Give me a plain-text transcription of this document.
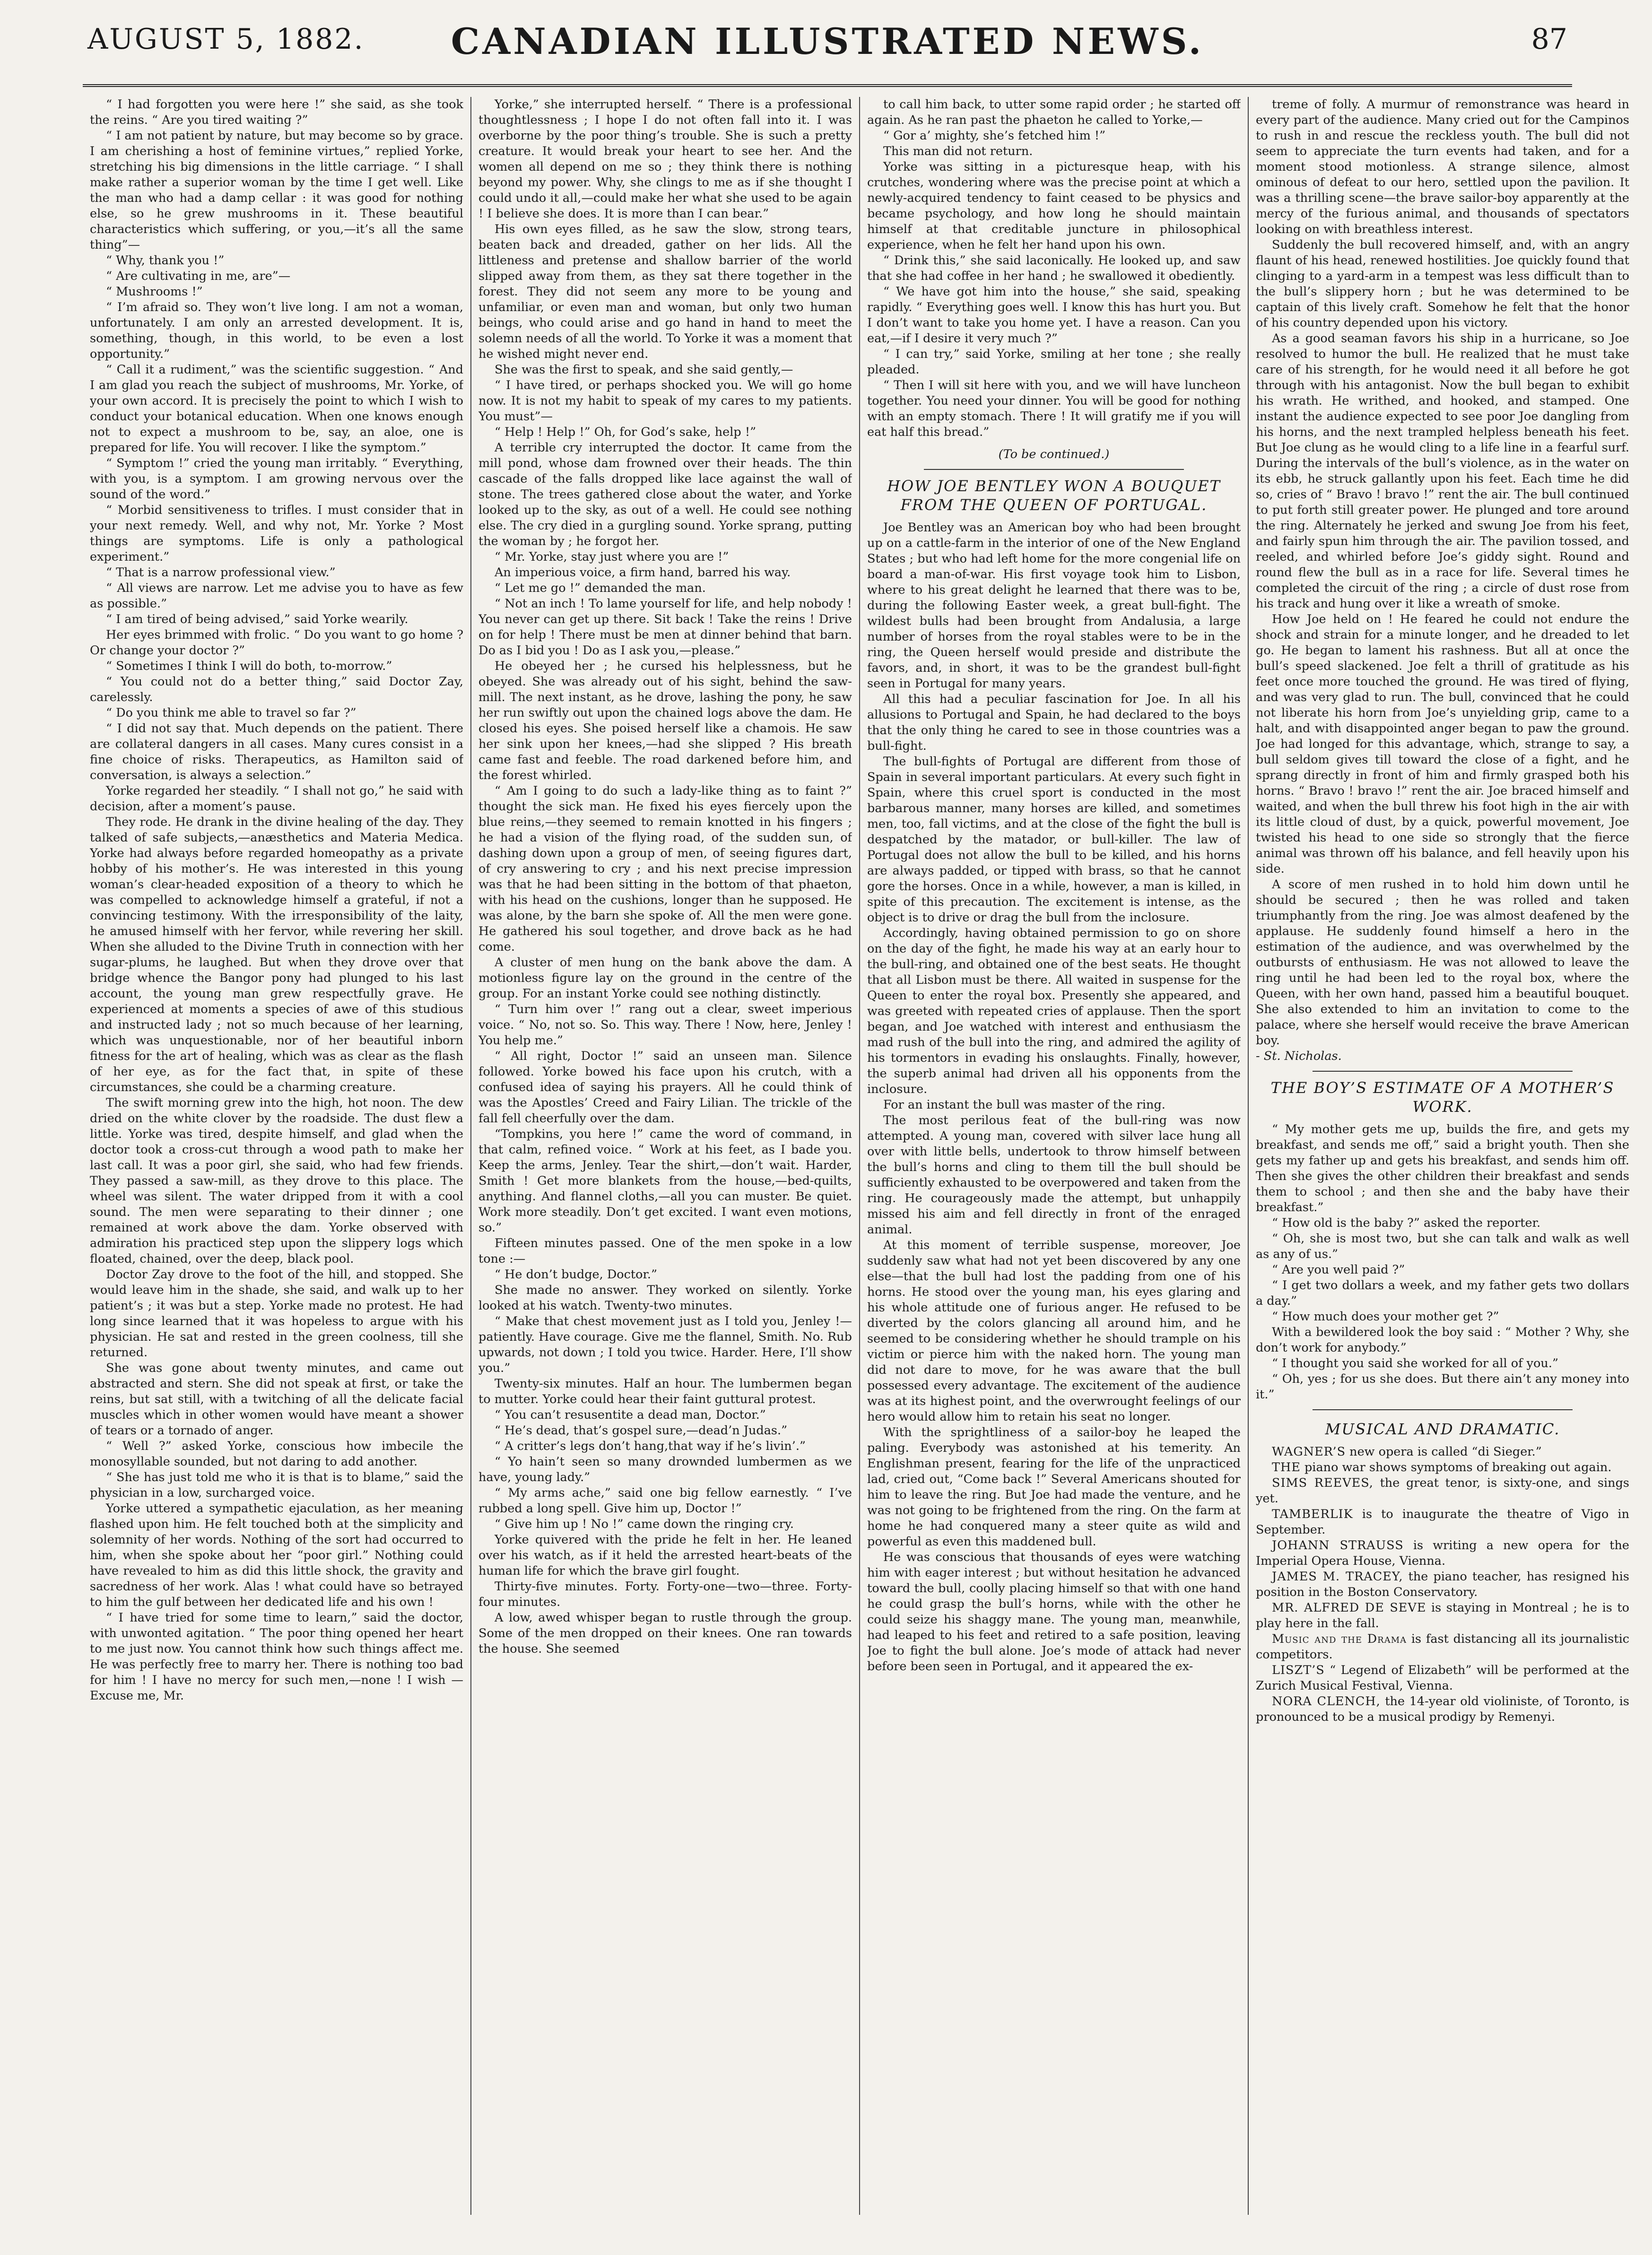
AUGUST 5, 1882.	CANADIAN ILLUSTRATED NEWS.	87

“ I had forgotten you were here !” she said, as she took the reins. “ Are you tired waiting ?”

“ I am not patient by nature, but may become so by grace. I am cherishing a host of feminine virtues,” replied Yorke, stretching his big dimensions in the little carriage. “ I shall make rather a superior woman by the time I get well. Like the man who had a damp cellar : it was good for nothing else, so he grew mushrooms in it. These beautiful characteristics which suffering, or you,—it’s all the same thing”—

“ Why, thank you !”

“ Are cultivating in me, are”—

“ Mushrooms !”

“ I’m afraid so. They won’t live long. I am not a woman, unfortunately. I am only an arrested development. It is, something, though, in this world, to be even a lost opportunity.”

“ Call it a rudiment,” was the scientific suggestion. “ And I am glad you reach the subject of mushrooms, Mr. Yorke, of your own accord. It is precisely the point to which I wish to conduct your botanical education. When one knows enough not to expect a mushroom to be, say, an aloe, one is prepared for life. You will recover. I like the symptom.”

“ Symptom !” cried the young man irritably. “ Everything, with you, is a symptom. I am growing nervous over the sound of the word.”

“ Morbid sensitiveness to trifles. I must consider that in your next remedy. Well, and why not, Mr. Yorke ? Most things are symptoms. Life is only a pathological experiment.”

“ That is a narrow professional view.”

“ All views are narrow. Let me advise you to have as few as possible.”

“ I am tired of being advised,” said Yorke wearily.

Her eyes brimmed with frolic. “ Do you want to go home ? Or change your doctor ?”

“ Sometimes I think I will do both, to-morrow.”

“ You could not do a better thing,” said Doctor Zay, carelessly.

“ Do you think me able to travel so far ?”

“ I did not say that. Much depends on the patient. There are collateral dangers in all cases. Many cures consist in a fine choice of risks. Therapeutics, as Hamilton said of conversation, is always a selection.”

Yorke regarded her steadily. “ I shall not go,” he said with decision, after a moment’s pause.

They rode. He drank in the divine healing of the day. They talked of safe subjects,—anæsthetics and Materia Medica. Yorke had always before regarded homeopathy as a private hobby of his mother’s. He was interested in this young woman’s clear-headed exposition of a theory to which he was compelled to acknowledge himself a grateful, if not a convincing testimony. With the irresponsibility of the laity, he amused himself with her fervor, while revering her skill. When she alluded to the Divine Truth in connection with her sugar-plums, he laughed. But when they drove over that bridge whence the Bangor pony had plunged to his last account, the young man grew respectfully grave. He experienced at moments a species of awe of this studious and instructed lady ; not so much because of her learning, which was unquestionable, nor of her beautiful inborn fitness for the art of healing, which was as clear as the flash of her eye, as for the fact that, in spite of these circumstances, she could be a charming creature.

The swift morning grew into the high, hot noon. The dew dried on the white clover by the roadside. The dust flew a little. Yorke was tired, despite himself, and glad when the doctor took a cross-cut through a wood path to make her last call. It was a poor girl, she said, who had few friends. They passed a saw-mill, as they drove to this place. The wheel was silent. The water dripped from it with a cool sound. The men were separating to their dinner ; one remained at work above the dam. Yorke observed with admiration his practiced step upon the slippery logs which floated, chained, over the deep, black pool.

Doctor Zay drove to the foot of the hill, and stopped. She would leave him in the shade, she said, and walk up to her patient’s ; it was but a step. Yorke made no protest. He had long since learned that it was hopeless to argue with his physician. He sat and rested in the green coolness, till she returned.

She was gone about twenty minutes, and came out abstracted and stern. She did not speak at first, or take the reins, but sat still, with a twitching of all the delicate facial muscles which in other women would have meant a shower of tears or a tornado of anger.

“ Well ?” asked Yorke, conscious how imbecile the monosyllable sounded, but not daring to add another.

“ She has just told me who it is that is to blame,” said the physician in a low, surcharged voice.

Yorke uttered a sympathetic ejaculation, as her meaning flashed upon him. He felt touched both at the simplicity and solemnity of her words. Nothing of the sort had occurred to him, when she spoke about her “poor girl.” Nothing could have revealed to him as did this little shock, the gravity and sacredness of her work. Alas ! what could have so betrayed to him the gulf between her dedicated life and his own !

“ I have tried for some time to learn,” said the doctor, with unwonted agitation. “ The poor thing opened her heart to me just now. You cannot think how such things affect me. He was perfectly free to marry her. There is nothing too bad for him ! I have no mercy for such men,—none ! I wish — Excuse me, Mr.

Yorke,” she interrupted herself. “ There is a professional thoughtlessness ; I hope I do not often fall into it. I was overborne by the poor thing’s trouble. She is such a pretty creature. It would break your heart to see her. And the women all depend on me so ; they think there is nothing beyond my power. Why, she clings to me as if she thought I could undo it all,—could make her what she used to be again ! I believe she does. It is more than I can bear.”

His own eyes filled, as he saw the slow, strong tears, beaten back and dreaded, gather on her lids. All the littleness and pretense and shallow barrier of the world slipped away from them, as they sat there together in the forest. They did not seem any more to be young and unfamiliar, or even man and woman, but only two human beings, who could arise and go hand in hand to meet the solemn needs of all the world. To Yorke it was a moment that he wished might never end.

She was the first to speak, and she said gently,—

“ I have tired, or perhaps shocked you. We will go home now. It is not my habit to speak of my cares to my patients. You must”—

“ Help ! Help !” Oh, for God’s sake, help !”

A terrible cry interrupted the doctor. It came from the mill pond, whose dam frowned over their heads. The thin cascade of the falls dropped like lace against the wall of stone. The trees gathered close about the water, and Yorke looked up to the sky, as out of a well. He could see nothing else. The cry died in a gurgling sound. Yorke sprang, putting the woman by ; he forgot her.

“ Mr. Yorke, stay just where you are !”

An imperious voice, a firm hand, barred his way.

“ Let me go !” demanded the man.

“ Not an inch ! To lame yourself for life, and help nobody ! You never can get up there. Sit back ! Take the reins ! Drive on for help ! There must be men at dinner behind that barn. Do as I bid you ! Do as I ask you,—please.”

He obeyed her ; he cursed his helplessness, but he obeyed. She was already out of his sight, behind the saw-mill. The next instant, as he drove, lashing the pony, he saw her run swiftly out upon the chained logs above the dam. He closed his eyes. She poised herself like a chamois. He saw her sink upon her knees,—had she slipped ? His breath came fast and feeble. The road darkened before him, and the forest whirled.

“ Am I going to do such a lady-like thing as to faint ?” thought the sick man. He fixed his eyes fiercely upon the blue reins,—they seemed to remain knotted in his fingers ; he had a vision of the flying road, of the sudden sun, of dashing down upon a group of men, of seeing figures dart, of cry answering to cry ; and his next precise impression was that he had been sitting in the bottom of that phaeton, with his head on the cushions, longer than he supposed. He was alone, by the barn she spoke of. All the men were gone. He gathered his soul together, and drove back as he had come.

A cluster of men hung on the bank above the dam. A motionless figure lay on the ground in the centre of the group. For an instant Yorke could see nothing distinctly.

“ Turn him over !” rang out a clear, sweet imperious voice. “ No, not so. So. This way. There ! Now, here, Jenley ! You help me.”

“ All right, Doctor !” said an unseen man. Silence followed. Yorke bowed his face upon his crutch, with a confused idea of saying his prayers. All he could think of was the Apostles’ Creed and Fairy Lilian. The trickle of the fall fell cheerfully over the dam.

“Tompkins, you here !” came the word of command, in that calm, refined voice. “ Work at his feet, as I bade you. Keep the arms, Jenley. Tear the shirt,—don’t wait. Harder, Smith ! Get more blankets from the house,—bed-quilts, anything. And flannel cloths,—all you can muster. Be quiet. Work more steadily. Don’t get excited. I want even motions, so.”

Fifteen minutes passed. One of the men spoke in a low tone :—

“ He don’t budge, Doctor.”

She made no answer. They worked on silently. Yorke looked at his watch. Twenty-two minutes.

“ Make that chest movement just as I told you, Jenley !—patiently. Have courage. Give me the flannel, Smith. No. Rub upwards, not down ; I told you twice. Harder. Here, I’ll show you.”

Twenty-six minutes. Half an hour. The lumbermen began to mutter. Yorke could hear their faint guttural protest.

“ You can’t resusentite a dead man, Doctor.”

“ He’s dead, that’s gospel sure,—dead’n Judas.”

“ A critter’s legs don’t hang,that way if he’s livin’.”

“ Yo hain’t seen so many drownded lumbermen as we have, young lady.”

“ My arms ache,” said one big fellow earnestly. “ I’ve rubbed a long spell. Give him up, Doctor !”

“ Give him up ! No !” came down the ringing cry.

Yorke quivered with the pride he felt in her. He leaned over his watch, as if it held the arrested heart-beats of the human life for which the brave girl fought.

Thirty-five minutes. Forty. Forty-one—two—three. Forty-four minutes.

A low, awed whisper began to rustle through the group. Some of the men dropped on their knees. One ran towards the house. She seemed

to call him back, to utter some rapid order ; he started off again. As he ran past the phaeton he called to Yorke,—

“ Gor a’ mighty, she’s fetched him !”

This man did not return.

Yorke was sitting in a picturesque heap, with his crutches, wondering where was the precise point at which a newly-acquired tendency to faint ceased to be physics and became psychology, and how long he should maintain himself at that creditable juncture in philosophical experience, when he felt her hand upon his own.

“ Drink this,” she said laconically. He looked up, and saw that she had coffee in her hand ; he swallowed it obediently.

“ We have got him into the house,” she said, speaking rapidly. “ Everything goes well. I know this has hurt you. But I don’t want to take you home yet. I have a reason. Can you eat,—if I desire it very much ?”

“ I can try,” said Yorke, smiling at her tone ; she really pleaded.

“ Then I will sit here with you, and we will have luncheon together. You need your dinner. You will be good for nothing with an empty stomach. There ! It will gratify me if you will eat half this bread.”

(To be continued.)

HOW JOE BENTLEY WON A BOUQUET FROM THE QUEEN OF PORTUGAL.

Joe Bentley was an American boy who had been brought up on a cattle-farm in the interior of one of the New England States ; but who had left home for the more congenial life on board a man-of-war. His first voyage took him to Lisbon, where to his great delight he learned that there was to be, during the following Easter week, a great bull-fight. The wildest bulls had been brought from Andalusia, a large number of horses from the royal stables were to be in the ring, the Queen herself would preside and distribute the favors, and, in short, it was to be the grandest bull-fight seen in Portugal for many years.

All this had a peculiar fascination for Joe. In all his allusions to Portugal and Spain, he had declared to the boys that the only thing he cared to see in those countries was a bull-fight.

The bull-fights of Portugal are different from those of Spain in several important particulars. At every such fight in Spain, where this cruel sport is conducted in the most barbarous manner, many horses are killed, and sometimes men, too, fall victims, and at the close of the fight the bull is despatched by the matador, or bull-killer. The law of Portugal does not allow the bull to be killed, and his horns are always padded, or tipped with brass, so that he cannot gore the horses. Once in a while, however, a man is killed, in spite of this precaution. The excitement is intense, as the object is to drive or drag the bull from the inclosure.

Accordingly, having obtained permission to go on shore on the day of the fight, he made his way at an early hour to the bull-ring, and obtained one of the best seats. He thought that all Lisbon must be there. All waited in suspense for the Queen to enter the royal box. Presently she appeared, and was greeted with repeated cries of applause. Then the sport began, and Joe watched with interest and enthusiasm the mad rush of the bull into the ring, and admired the agility of his tormentors in evading his onslaughts. Finally, however, the superb animal had driven all his opponents from the inclosure.

For an instant the bull was master of the ring.

The most perilous feat of the bull-ring was now attempted. A young man, covered with silver lace hung all over with little bells, undertook to throw himself between the bull’s horns and cling to them till the bull should be sufficiently exhausted to be overpowered and taken from the ring. He courageously made the attempt, but unhappily missed his aim and fell directly in front of the enraged animal.

At this moment of terrible suspense, moreover, Joe suddenly saw what had not yet been discovered by any one else—that the bull had lost the padding from one of his horns. He stood over the young man, his eyes glaring and his whole attitude one of furious anger. He refused to be diverted by the colors glancing all around him, and he seemed to be considering whether he should trample on his victim or pierce him with the naked horn. The young man did not dare to move, for he was aware that the bull possessed every advantage. The excitement of the audience was at its highest point, and the overwrought feelings of our hero would allow him to retain his seat no longer.

With the sprightliness of a sailor-boy he leaped the paling. Everybody was astonished at his temerity. An Englishman present, fearing for the life of the unpracticed lad, cried out, “Come back !” Several Americans shouted for him to leave the ring. But Joe had made the venture, and he was not going to be frightened from the ring. On the farm at home he had conquered many a steer quite as wild and powerful as even this maddened bull.

He was conscious that thousands of eyes were watching him with eager interest ; but without hesitation he advanced toward the bull, coolly placing himself so that with one hand he could grasp the bull’s horns, while with the other he could seize his shaggy mane. The young man, meanwhile, had leaped to his feet and retired to a safe position, leaving Joe to fight the bull alone. Joe’s mode of attack had never before been seen in Portugal, and it appeared the ex-

treme of folly. A murmur of remonstrance was heard in every part of the audience. Many cried out for the Campinos to rush in and rescue the reckless youth. The bull did not seem to appreciate the turn events had taken, and for a moment stood motionless. A strange silence, almost ominous of defeat to our hero, settled upon the pavilion. It was a thrilling scene—the brave sailor-boy apparently at the mercy of the furious animal, and thousands of spectators looking on with breathless interest.

Suddenly the bull recovered himself, and, with an angry flaunt of his head, renewed hostilities. Joe quickly found that clinging to a yard-arm in a tempest was less difficult than to the bull’s slippery horn ; but he was determined to be captain of this lively craft. Somehow he felt that the honor of his country depended upon his victory.

As a good seaman favors his ship in a hurricane, so Joe resolved to humor the bull. He realized that he must take care of his strength, for he would need it all before he got through with his antagonist. Now the bull began to exhibit his wrath. He writhed, and hooked, and stamped. One instant the audience expected to see poor Joe dangling from his horns, and the next trampled helpless beneath his feet. But Joe clung as he would cling to a life line in a fearful surf. During the intervals of the bull’s violence, as in the water on its ebb, he struck gallantly upon his feet. Each time he did so, cries of “ Bravo ! bravo !” rent the air. The bull continued to put forth still greater power. He plunged and tore around the ring. Alternately he jerked and swung Joe from his feet, and fairly spun him through the air. The pavilion tossed, and reeled, and whirled before Joe’s giddy sight. Round and round flew the bull as in a race for life. Several times he completed the circuit of the ring ; a circle of dust rose from his track and hung over it like a wreath of smoke.

How Joe held on ! He feared he could not endure the shock and strain for a minute longer, and he dreaded to let go. He began to lament his rashness. But all at once the bull’s speed slackened. Joe felt a thrill of gratitude as his feet once more touched the ground. He was tired of flying, and was very glad to run. The bull, convinced that he could not liberate his horn from Joe’s unyielding grip, came to a halt, and with disappointed anger began to paw the ground. Joe had longed for this advantage, which, strange to say, a bull seldom gives till toward the close of a fight, and he sprang directly in front of him and firmly grasped both his horns. “ Bravo ! bravo !” rent the air. Joe braced himself and waited, and when the bull threw his foot high in the air with its little cloud of dust, by a quick, powerful movement, Joe twisted his head to one side so strongly that the fierce animal was thrown off his balance, and fell heavily upon his side.

A score of men rushed in to hold him down until he should be secured ; then he was rolled and taken triumphantly from the ring. Joe was almost deafened by the applause. He suddenly found himself a hero in the estimation of the audience, and was overwhelmed by the outbursts of enthusiasm. He was not allowed to leave the ring until he had been led to the royal box, where the Queen, with her own hand, passed him a beautiful bouquet. She also extended to him an invitation to come to the palace, where she herself would receive the brave American boy.

- St. Nicholas.

THE BOY’S ESTIMATE OF A MOTHER’S WORK.

“ My mother gets me up, builds the fire, and gets my breakfast, and sends me off,” said a bright youth. Then she gets my father up and gets his breakfast, and sends him off. Then she gives the other children their breakfast and sends them to school ; and then she and the baby have their breakfast.”

“ How old is the baby ?” asked the reporter.

“ Oh, she is most two, but she can talk and walk as well as any of us.”

“ Are you well paid ?”

“ I get two dollars a week, and my father gets two dollars a day.”

“ How much does your mother get ?”

With a bewildered look the boy said : “ Mother ? Why, she don’t work for anybody.”

“ I thought you said she worked for all of you.”

“ Oh, yes ; for us she does. But there ain’t any money into it.”

MUSICAL AND DRAMATIC.

WAGNER’S new opera is called “di Sieger.”

THE piano war shows symptoms of breaking out again.

SIMS REEVES, the great tenor, is sixty-one, and sings yet.

TAMBERLIK is to inaugurate the theatre of Vigo in September.

JOHANN STRAUSS is writing a new opera for the Imperial Opera House, Vienna.

JAMES M. TRACEY, the piano teacher, has resigned his position in the Boston Conservatory.

MR. ALFRED DE SEVE is staying in Montreal ; he is to play here in the fall.

Music and the Drama is fast distancing all its journalistic competitors.

LISZT’S “ Legend of Elizabeth” will be performed at the Zurich Musical Festival, Vienna.

NORA CLENCH, the 14-year old violiniste, of Toronto, is pronounced to be a musical prodigy by Remenyi.
